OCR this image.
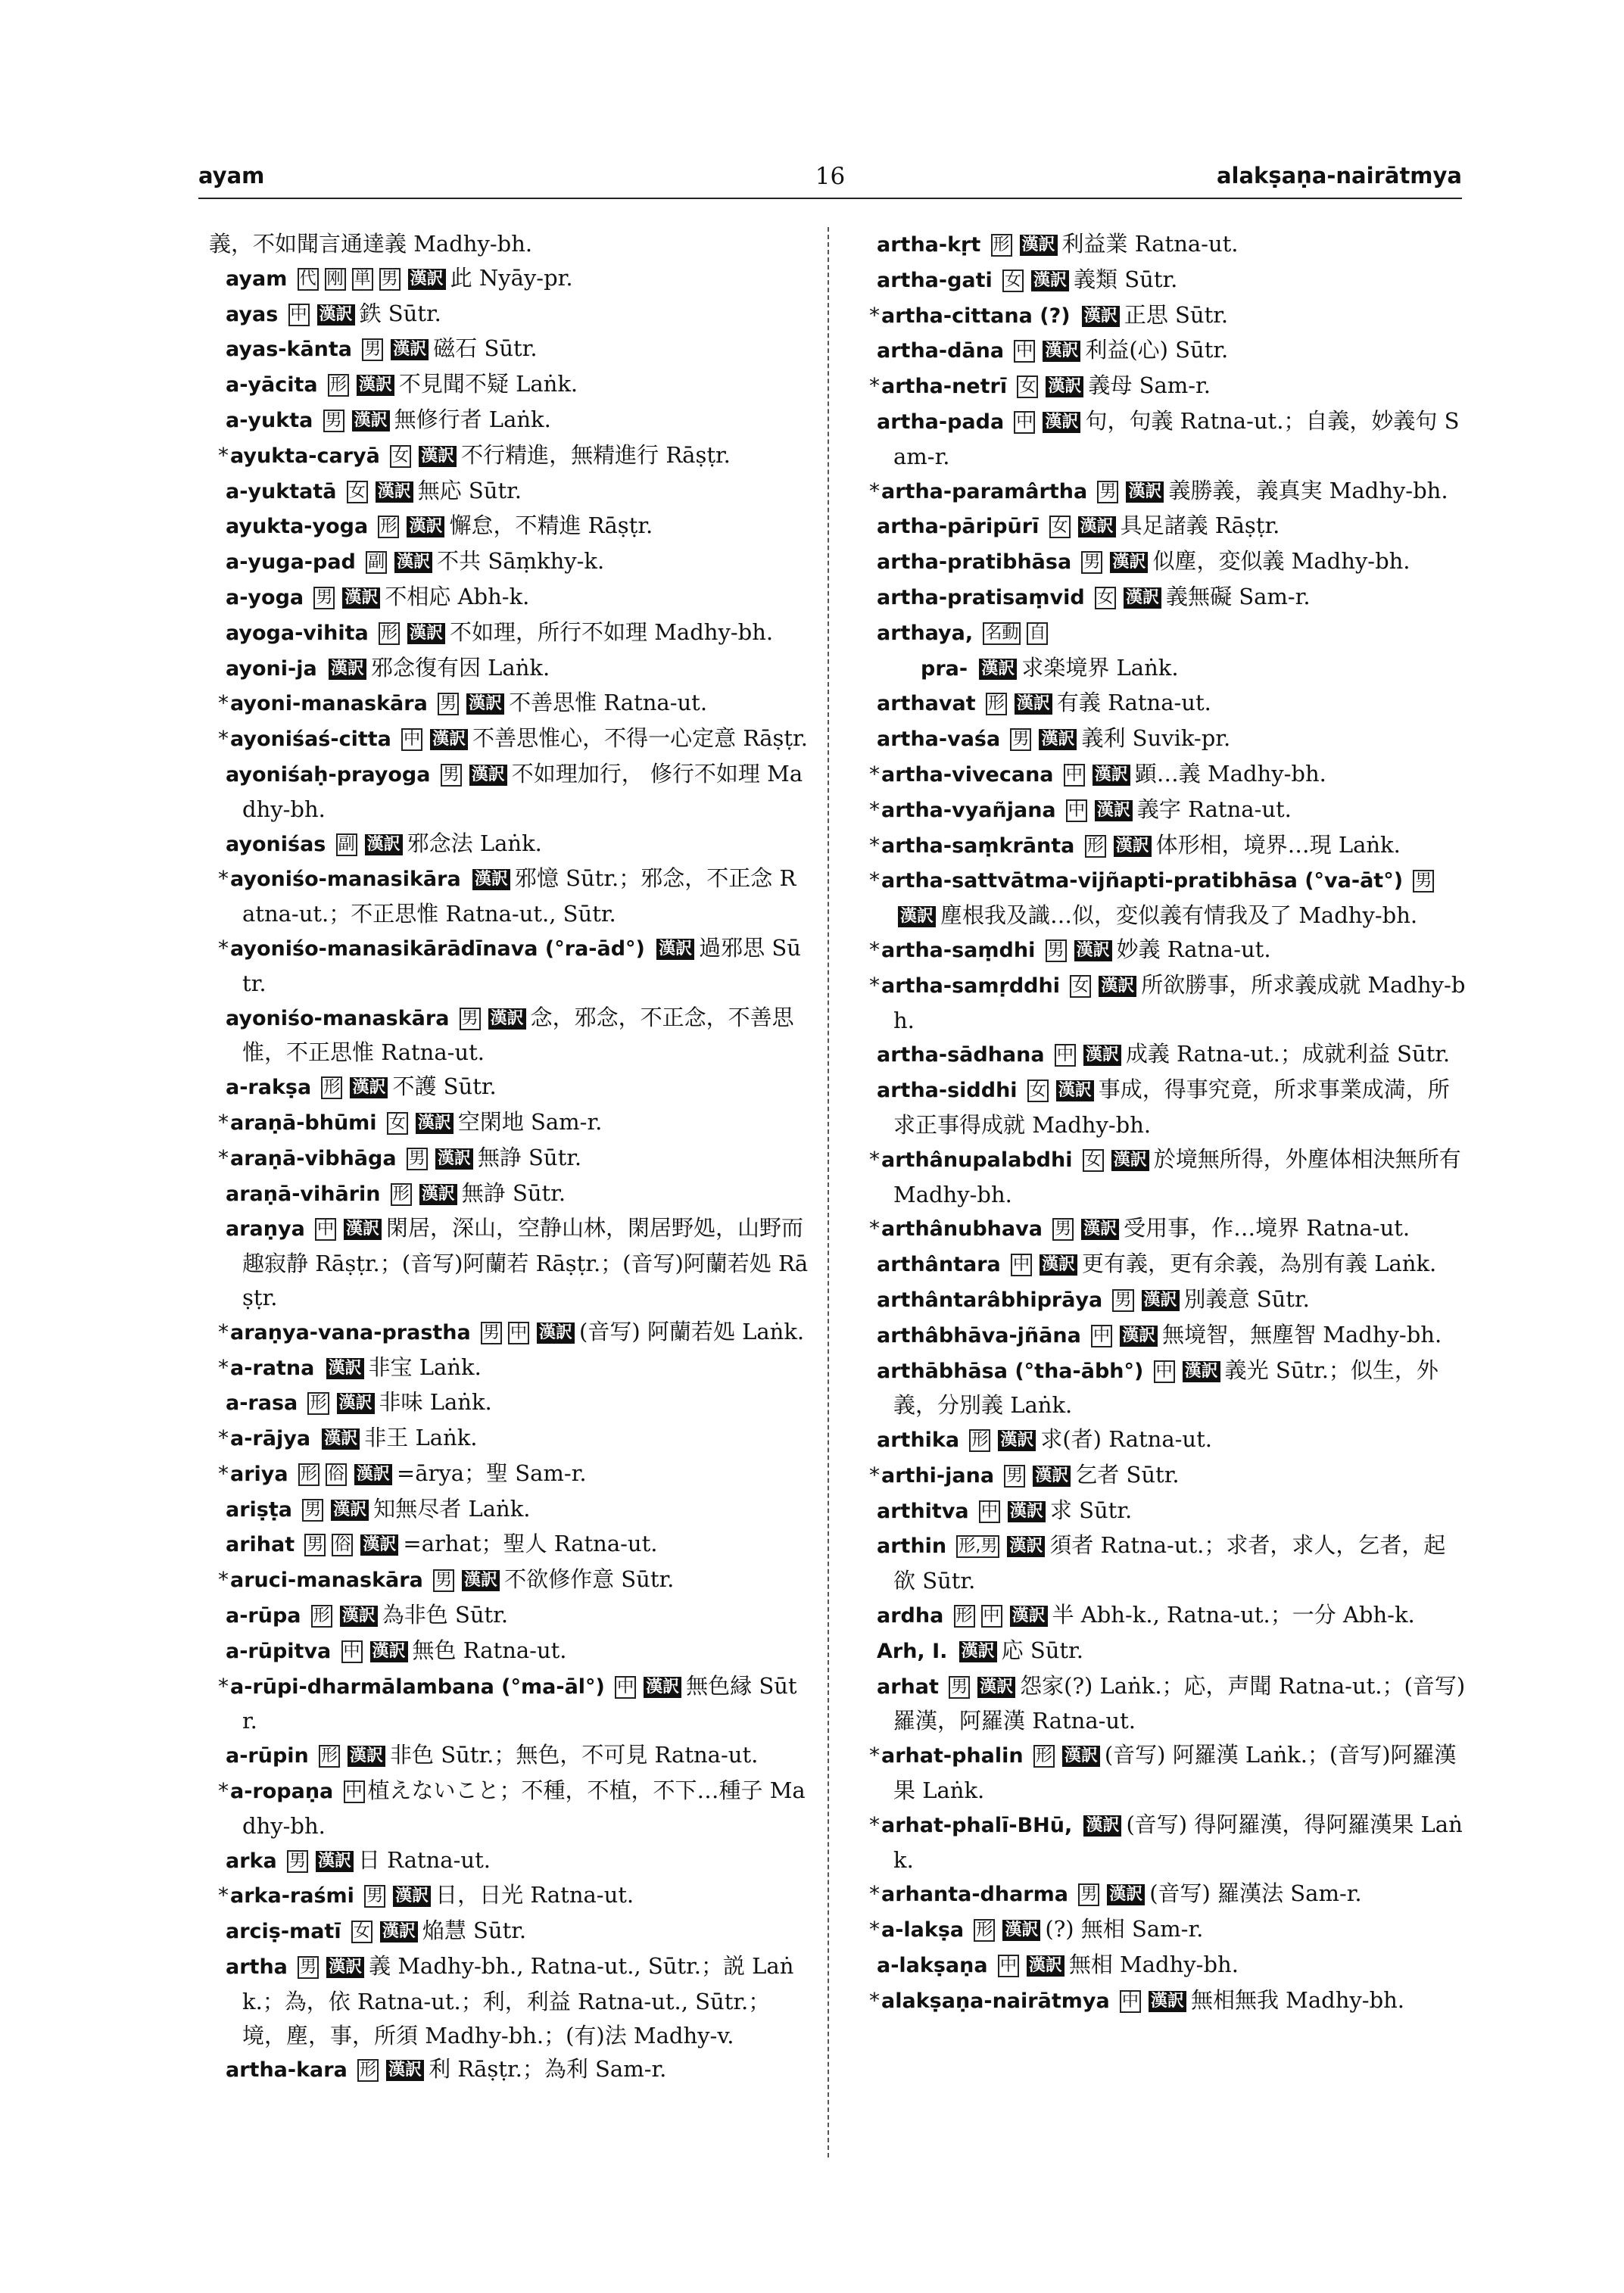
ayam	16	alakṣaṇa-nairātmya
義，不如聞言通達義 Madhy-bh.
ayam 代 刚 単 男 漢訳 此 Nyāy-pr.
ayas 中 漢訳 鉄 Sūtr.
ayas-kānta 男 漢訳 磁石 Sūtr.
a-yācita 形 漢訳 不見聞不疑 Laṅk.
a-yukta 男 漢訳 無修行者 Laṅk.
*ayukta-caryā 女 漢訳 不行精進，無精進行 Rāṣṭr.
a-yuktatā 女 漢訳 無応 Sūtr.
ayukta-yoga 形 漢訳 懈怠，不精進 Rāṣṭr.
a-yuga-pad 副 漢訳 不共 Sāṃkhy-k.
a-yoga 男 漢訳 不相応 Abh-k.
ayoga-vihita 形 漢訳 不如理，所行不如理 Madhy-bh.
ayoni-ja 漢訳 邪念復有因 Laṅk.
*ayoni-manaskāra 男 漢訳 不善思惟 Ratna-ut.
*ayoniśaś-citta 中 漢訳 不善思惟心，不得一心定意 Rāṣṭr.
ayoniśaḥ-prayoga 男 漢訳 不如理加行， 修行不如理 Madhy-bh.
ayoniśas 副 漢訳 邪念法 Laṅk.
*ayoniśo-manasikāra 漢訳 邪憶 Sūtr.；邪念，不正念 Ratna-ut.；不正思惟 Ratna-ut., Sūtr.
*ayoniśo-manasikārādīnava (°ra-ād°) 漢訳 過邪思 Sūtr.
ayoniśo-manaskāra 男 漢訳 念，邪念，不正念，不善思惟，不正思惟 Ratna-ut.
a-rakṣa 形 漢訳 不護 Sūtr.
*araṇā-bhūmi 女 漢訳 空閑地 Sam-r.
*araṇā-vibhāga 男 漢訳 無諍 Sūtr.
araṇā-vihārin 形 漢訳 無諍 Sūtr.
araṇya 中 漢訳 閑居，深山，空静山林，閑居野処，山野而趣寂静 Rāṣṭr.；(音写)阿蘭若 Rāṣṭr.；(音写)阿蘭若処 Rāṣṭr.
*araṇya-vana-prastha 男 中 漢訳 (音写) 阿蘭若処 Laṅk.
*a-ratna 漢訳 非宝 Laṅk.
a-rasa 形 漢訳 非味 Laṅk.
*a-rājya 漢訳 非王 Laṅk.
*ariya 形 俗 漢訳 =ārya；聖 Sam-r.
ariṣṭa 男 漢訳 知無尽者 Laṅk.
arihat 男 俗 漢訳 =arhat；聖人 Ratna-ut.
*aruci-manaskāra 男 漢訳 不欲修作意 Sūtr.
a-rūpa 形 漢訳 為非色 Sūtr.
a-rūpitva 中 漢訳 無色 Ratna-ut.
*a-rūpi-dharmālambana (°ma-āl°) 中 漢訳 無色縁 Sūtr.
a-rūpin 形 漢訳 非色 Sūtr.；無色，不可見 Ratna-ut.
*a-ropaṇa 中 植えないこと；不種，不植，不下…種子 Madhy-bh.
arka 男 漢訳 日 Ratna-ut.
*arka-raśmi 男 漢訳 日，日光 Ratna-ut.
arciṣ-matī 女 漢訳 焔慧 Sūtr.
artha 男 漢訳 義 Madhy-bh., Ratna-ut., Sūtr.；説 Laṅk.；為，依 Ratna-ut.；利，利益 Ratna-ut., Sūtr.；境，塵，事，所須 Madhy-bh.；(有)法 Madhy-v.
artha-kara 形 漢訳 利 Rāṣṭr.；為利 Sam-r.
artha-kṛt 形 漢訳 利益業 Ratna-ut.
artha-gati 女 漢訳 義類 Sūtr.
*artha-cittana (?) 漢訳 正思 Sūtr.
artha-dāna 中 漢訳 利益(心) Sūtr.
*artha-netrī 女 漢訳 義母 Sam-r.
artha-pada 中 漢訳 句，句義 Ratna-ut.；自義，妙義句 Sam-r.
*artha-paramârtha 男 漢訳 義勝義，義真実 Madhy-bh.
artha-pāripūrī 女 漢訳 具足諸義 Rāṣṭr.
artha-pratibhāsa 男 漢訳 似塵，変似義 Madhy-bh.
artha-pratisaṃvid 女 漢訳 義無礙 Sam-r.
arthaya, 名動 自
pra- 漢訳 求楽境界 Laṅk.
arthavat 形 漢訳 有義 Ratna-ut.
artha-vaśa 男 漢訳 義利 Suvik-pr.
*artha-vivecana 中 漢訳 顕…義 Madhy-bh.
*artha-vyañjana 中 漢訳 義字 Ratna-ut.
*artha-saṃkrānta 形 漢訳 体形相，境界…現 Laṅk.
*artha-sattvātma-vijñapti-pratibhāsa (°va-āt°) 男漢訳 塵根我及識…似，変似義有情我及了 Madhy-bh.
*artha-saṃdhi 男 漢訳 妙義 Ratna-ut.
*artha-samṛddhi 女 漢訳 所欲勝事，所求義成就 Madhy-bh.
artha-sādhana 中 漢訳 成義 Ratna-ut.；成就利益 Sūtr.
artha-siddhi 女 漢訳 事成，得事究竟，所求事業成満，所求正事得成就 Madhy-bh.
*arthânupalabdhi 女 漢訳 於境無所得，外塵体相決無所有 Madhy-bh.
*arthânubhava 男 漢訳 受用事，作…境界 Ratna-ut.
arthântara 中 漢訳 更有義，更有余義，為別有義 Laṅk.
arthântarâbhiprāya 男 漢訳 別義意 Sūtr.
arthâbhāva-jñāna 中 漢訳 無境智，無塵智 Madhy-bh.
arthābhāsa (°tha-ābh°) 中 漢訳 義光 Sūtr.；似生，外義，分別義 Laṅk.
arthika 形 漢訳 求(者) Ratna-ut.
*arthi-jana 男 漢訳 乞者 Sūtr.
arthitva 中 漢訳 求 Sūtr.
arthin 形,男 漢訳 須者 Ratna-ut.；求者，求人，乞者，起欲 Sūtr.
ardha 形 中 漢訳 半 Abh-k., Ratna-ut.；一分 Abh-k.
Arh, I. 漢訳 応 Sūtr.
arhat 男 漢訳 怨家(?) Laṅk.；応，声聞 Ratna-ut.；(音写)羅漢，阿羅漢 Ratna-ut.
*arhat-phalin 形 漢訳 (音写) 阿羅漢 Laṅk.；(音写)阿羅漢果 Laṅk.
*arhat-phalī-BHū, 漢訳 (音写) 得阿羅漢，得阿羅漢果 Laṅk.
*arhanta-dharma 男 漢訳 (音写) 羅漢法 Sam-r.
*a-lakṣa 形 漢訳 (?) 無相 Sam-r.
a-lakṣaṇa 中 漢訳 無相 Madhy-bh.
*alakṣaṇa-nairātmya 中 漢訳 無相無我 Madhy-bh.
